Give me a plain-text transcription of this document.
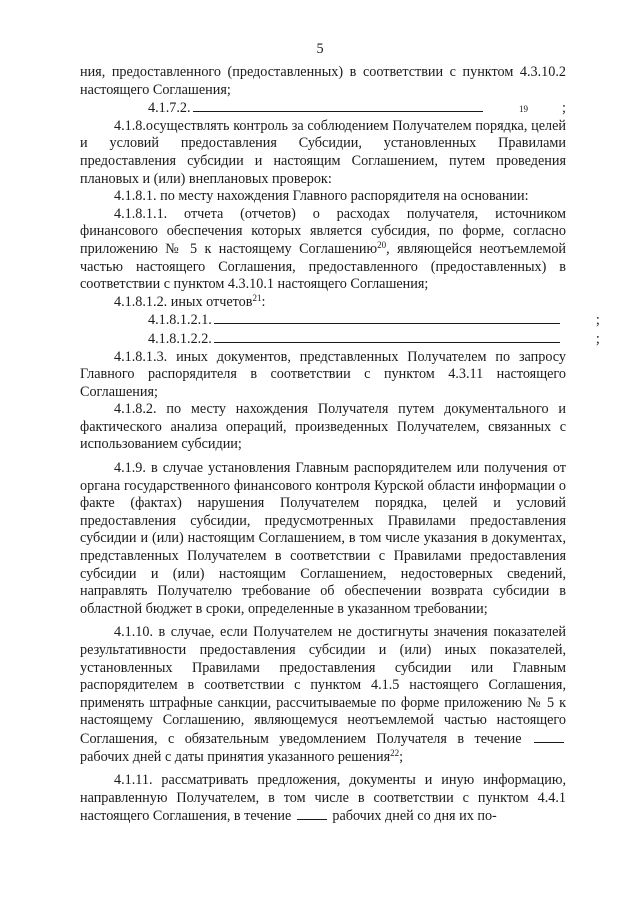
5

ния, предоставленного (предоставленных) в соответствии с пунктом 4.3.10.2 настоящего Соглашения;

4.1.7.2.	19	;

4.1.8.осуществлять контроль за соблюдением Получателем порядка, целей и условий предоставления Субсидии, установленных Правилами предоставления субсидии и настоящим Соглашением, путем проведения плановых и (или) внеплановых проверок:

4.1.8.1. по месту нахождения Главного распорядителя на основании:

4.1.8.1.1. отчета (отчетов) о расходах получателя, источником финансового обеспечения которых является субсидия, по форме, согласно приложению № 5 к настоящему Соглашению$^{20}$, являющейся неотъемлемой частью настоящего Соглашения, предоставленного (предоставленных) в соответствии с пунктом 4.3.10.1 настоящего Соглашения;

4.1.8.1.2. иных отчетов$^{21}$:

4.1.8.1.2.1.	;

4.1.8.1.2.2.	;

4.1.8.1.3. иных документов, представленных Получателем по запросу Главного распорядителя в соответствии с пунктом 4.3.11 настоящего Соглашения;

4.1.8.2. по месту нахождения Получателя путем документального и фактического анализа операций, произведенных Получателем, связанных с использованием субсидии;

4.1.9. в случае установления Главным распорядителем или получения от органа государственного финансового контроля Курской области информации о факте (фактах) нарушения Получателем порядка, целей и условий предоставления субсидии, предусмотренных Правилами предоставления субсидии и (или) настоящим Соглашением, в том числе указания в документах, представленных Получателем в соответствии с Правилами предоставления субсидии и (или) настоящим Соглашением, недостоверных сведений, направлять Получателю требование об обеспечении возврата субсидии в областной бюджет в сроки, определенные в указанном требовании;

4.1.10. в случае, если Получателем не достигнуты значения показателей результативности предоставления субсидии и (или) иных показателей, установленных Правилами предоставления субсидии или Главным распорядителем в соответствии с пунктом 4.1.5 настоящего Соглашения, применять штрафные санкции, рассчитываемые по форме приложению № 5 к настоящему Соглашению, являющемуся неотъемлемой частью настоящего Соглашения, с обязательным уведомлением Получателя в течение  рабочих дней с даты принятия указанного решения$^{22}$;

4.1.11. рассматривать предложения, документы и иную информацию, направленную Получателем, в том числе в соответствии с пунктом 4.4.1 настоящего Соглашения, в течение	рабочих дней со дня их по-
